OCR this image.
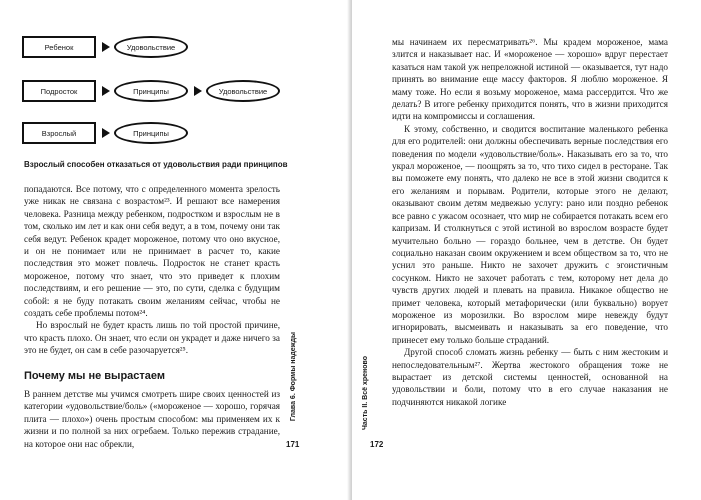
Ребенок	Удовольствие
Подросток	Принципы	Удовольствие
Взрослый	Принципы
Взрослый способен отказаться от удовольствия ради принципов

попадаются. Все потому, что с определенного момента зрелость уже никак не связана с возрастом²³. И решают все намерения человека. Разница между ребенком, подростком и взрослым не в том, сколько им лет и как они себя ведут, а в том, почему они так себя ведут. Ребенок крадет мороженое, потому что оно вкусное, и он не понимает или не принимает в расчет то, какие последствия это может повлечь. Подросток не станет красть мороженое, потому что знает, что это приведет к плохим последствиям, и его решение — это, по сути, сделка с будущим собой: я не буду потакать своим желаниям сейчас, чтобы не создать себе проблемы потом²⁴.

Но взрослый не будет красть лишь по той простой причине, что красть плохо. Он знает, что если он украдет и даже ничего за это не будет, он сам в себе разочаруется²⁵.

Почему мы не вырастаем

В раннем детстве мы учимся смотреть шире своих ценностей из категории «удовольствие/боль» («мороженое — хорошо, горячая плита — плохо») очень простым способом: мы применяем их к жизни и по полной за них огребаем. Только пережив страдание, на которое они нас обрекли,

Глава 6. Формы надежды
171

мы начинаем их пересматривать²⁶. Мы крадем мороженое, мама злится и наказывает нас. И «мороженое — хорошо» вдруг перестает казаться нам такой уж непреложной истиной — оказывается, тут надо принять во внимание еще массу факторов. Я люблю мороженое. Я маму тоже. Но если я возьму мороженое, мама рассердится. Что же делать? В итоге ребенку приходится понять, что в жизни приходится идти на компромиссы и соглашения.

К этому, собственно, и сводится воспитание маленького ребенка для его родителей: они должны обеспечивать верные последствия его поведения по модели «удовольствие/боль». Наказывать его за то, что украл мороженое, — поощрять за то, что тихо сидел в ресторане. Так вы поможете ему понять, что далеко не все в этой жизни сводится к его желаниям и порывам. Родители, которые этого не делают, оказывают своим детям медвежью услугу: рано или поздно ребенок все равно с ужасом осознает, что мир не собирается потакать всем его капризам. И столкнуться с этой истиной во взрослом возрасте будет мучительно больно — гораздо больнее, чем в детстве. Он будет социально наказан своим окружением и всем обществом за то, что не уснил это раньше. Никто не захочет дружить с эгоистичным сосунком. Никто не захочет работать с тем, которому нет дела до чувств других людей и плевать на правила. Никакое общество не примет человека, который метафорически (или буквально) ворует мороженое из морозилки. Во взрослом мире невежду будут игнорировать, высмеивать и наказывать за его поведение, что принесет ему только больше страданий.

Другой способ сломать жизнь ребенку — быть с ним жестоким и непоследовательным²⁷. Жертва жестокого обращения тоже не вырастает из детской системы ценностей, основанной на удовольствии и боли, потому что в его случае наказания не подчиняются никакой логике

Часть II. Всё хреново
172
